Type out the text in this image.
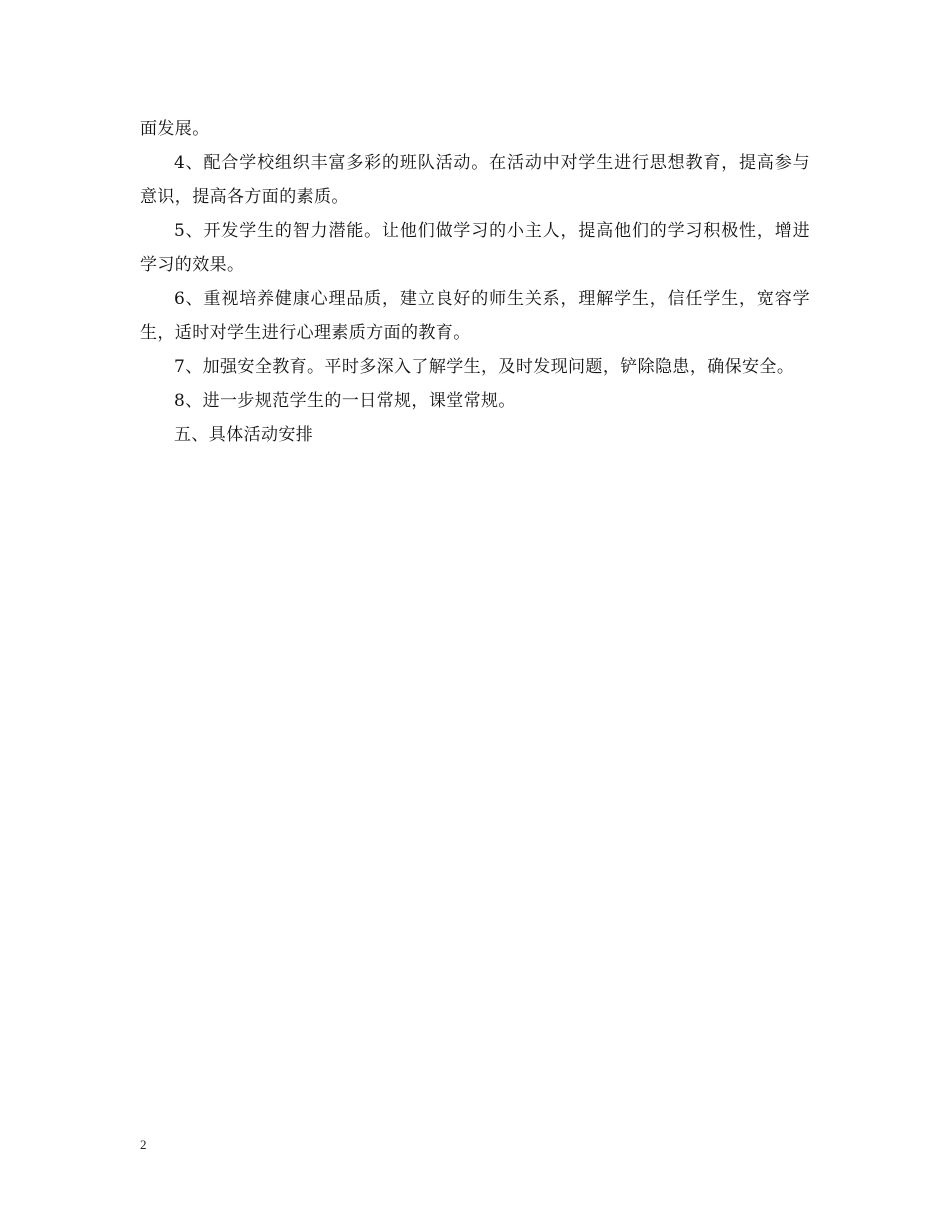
面发展。

4、配合学校组织丰富多彩的班队活动。在活动中对学生进行思想教育，提高参与意识，提高各方面的素质。

5、开发学生的智力潜能。让他们做学习的小主人，提高他们的学习积极性，增进学习的效果。

6、重视培养健康心理品质，建立良好的师生关系，理解学生，信任学生，宽容学生，适时对学生进行心理素质方面的教育。

7、加强安全教育。平时多深入了解学生，及时发现问题，铲除隐患，确保安全。

8、进一步规范学生的一日常规，课堂常规。

五、具体活动安排

2
